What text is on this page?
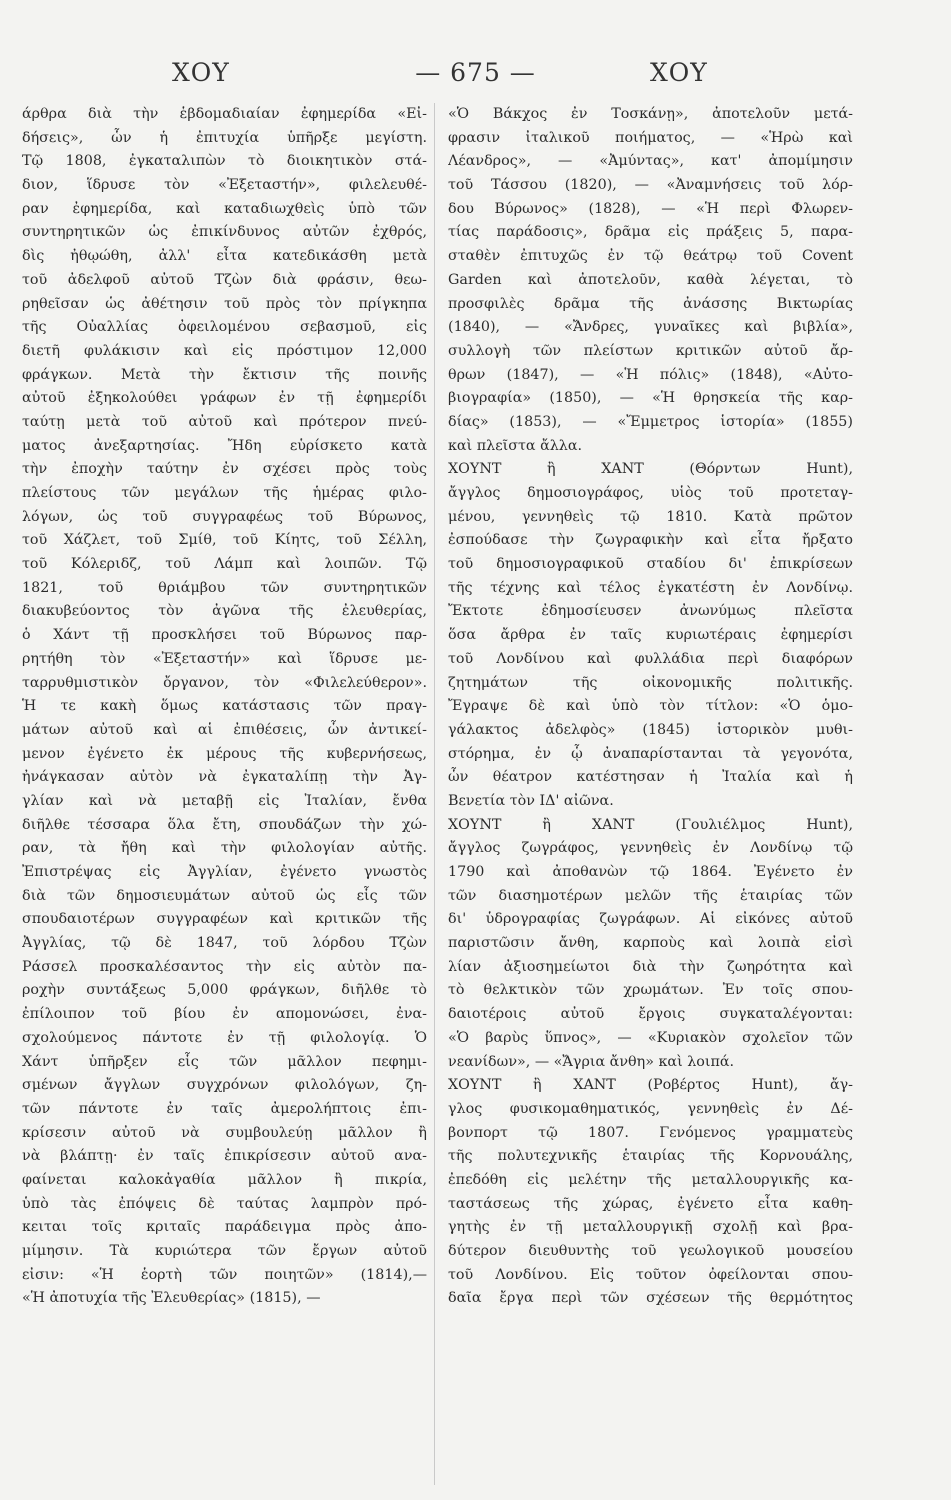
— 675 —
ΧΟΥ	ΧΟΥ
άρθρα διὰ τὴν ἑβδομαδιαίαν ἐφημερίδα «Εἰ-
δήσεις», ὧν ἡ ἐπιτυχία ὑπῆρξε μεγίστη.
Τῷ 1808, ἐγκαταλιπὼν τὸ διοικητικὸν στά-
διον, ἵδρυσε τὸν «Ἐξεταστήν», φιλελευθέ-
ραν ἐφημερίδα, καὶ καταδιωχθεὶς ὑπὸ τῶν
συντηρητικῶν ὡς ἐπικίνδυνος αὐτῶν ἐχθρός,
δὶς ἠθῳώθη, ἀλλ' εἶτα κατεδικάσθη μετὰ
τοῦ ἀδελφοῦ αὐτοῦ Τζὼν διὰ φράσιν, θεω-
ρηθεῖσαν ὡς ἀθέτησιν τοῦ πρὸς τὸν πρίγκηπα
τῆς Οὐαλλίας ὀφειλομένου σεβασμοῦ, εἰς
διετῆ φυλάκισιν καὶ εἰς πρόστιμον 12,000
φράγκων. Μετὰ τὴν ἔκτισιν τῆς ποινῆς
αὐτοῦ ἐξηκολούθει γράφων ἐν τῇ ἐφημερίδι
ταύτῃ μετὰ τοῦ αὐτοῦ καὶ πρότερον πνεύ-
ματος ἀνεξαρτησίας. Ἤδη εὑρίσκετο κατὰ
τὴν ἐποχὴν ταύτην ἐν σχέσει πρὸς τοὺς
πλείστους τῶν μεγάλων τῆς ἡμέρας φιλο-
λόγων, ὡς τοῦ συγγραφέως τοῦ Βύρωνος,
τοῦ Χάζλετ, τοῦ Σμίθ, τοῦ Κίητς, τοῦ Σέλλη,
τοῦ Κόλεριδζ, τοῦ Λάμπ καὶ λοιπῶν. Τῷ
1821, τοῦ θριάμβου τῶν συντηρητικῶν
διακυβεύοντος τὸν ἀγῶνα τῆς ἐλευθερίας,
ὁ Χάντ τῇ προσκλήσει τοῦ Βύρωνος παρ-
ρητήθη τὸν «Ἐξεταστήν» καὶ ἵδρυσε με-
ταρρυθμιστικὸν ὄργανον, τὸν «Φιλελεύθερον».
Ἡ τε κακὴ ὅμως κατάστασις τῶν πραγ-
μάτων αὐτοῦ καὶ αἱ ἐπιθέσεις, ὧν ἀντικεί-
μενον ἐγένετο ἐκ μέρους τῆς κυβερνήσεως,
ἠνάγκασαν αὐτὸν νὰ ἐγκαταλίπῃ τὴν Ἀγ-
γλίαν καὶ νὰ μεταβῇ εἰς Ἰταλίαν, ἔνθα
διῆλθε τέσσαρα ὅλα ἔτη, σπουδάζων τὴν χώ-
ραν, τὰ ἤθη καὶ τὴν φιλολογίαν αὐτῆς.
Ἐπιστρέψας εἰς Ἀγγλίαν, ἐγένετο γνωστὸς
διὰ τῶν δημοσιευμάτων αὐτοῦ ὡς εἷς τῶν
σπουδαιοτέρων συγγραφέων καὶ κριτικῶν τῆς
Ἀγγλίας, τῷ δὲ 1847, τοῦ λόρδου Τζὼν
Ράσσελ προσκαλέσαντος τὴν εἰς αὐτὸν πα-
ροχὴν συντάξεως 5,000 φράγκων, διῆλθε τὸ
ἐπίλοιπον τοῦ βίου ἐν απομονώσει, ἐνα-
σχολούμενος πάντοτε ἐν τῇ φιλολογίᾳ. Ὁ
Χάντ ὑπῆρξεν εἷς τῶν μᾶλλον πεφημι-
σμένων ἄγγλων συγχρόνων φιλολόγων, ζη-
τῶν πάντοτε ἐν ταῖς ἀμερολήπτοις ἐπι-
κρίσεσιν αὐτοῦ νὰ συμβουλεύῃ μᾶλλον ἢ
νὰ βλάπτῃ· ἐν ταῖς ἐπικρίσεσιν αὐτοῦ ανα-
φαίνεται καλοκἀγαθία μᾶλλον ἢ πικρία,
ὑπὸ τὰς ἐπόψεις δὲ ταύτας λαμπρὸν πρό-
κειται τοῖς κριταῖς παράδειγμα πρὸς ἀπο-
μίμησιν. Τὰ κυριώτερα τῶν ἔργων αὐτοῦ
εἰσιν: «Ἡ ἑορτὴ τῶν ποιητῶν» (1814),—
«Ἡ ἀποτυχία τῆς Ἐλευθερίας» (1815), —
«Ὁ Βάκχος ἐν Τοσκάνῃ», ἀποτελοῦν μετά-
φρασιν ἰταλικοῦ ποιήματος, — «Ἡρὼ καὶ
Λέανδρος», — «Ἀμύντας», κατ' ἀπομίμησιν
τοῦ Τάσσου (1820), — «Ἀναμνήσεις τοῦ λόρ-
δου Βύρωνος» (1828), — «Ἡ περὶ Φλωρεν-
τίας παράδοσις», δρᾶμα εἰς πράξεις 5, παρα-
σταθὲν ἐπιτυχῶς ἐν τῷ θεάτρῳ τοῦ Covent
Garden καὶ ἀποτελοῦν, καθὰ λέγεται, τὸ
προσφιλὲς δρᾶμα τῆς ἀνάσσης Βικτωρίας
(1840), — «Ἄνδρες, γυναῖκες καὶ βιβλία»,
συλλογὴ τῶν πλείστων κριτικῶν αὐτοῦ ἄρ-
θρων (1847), — «Ἡ πόλις» (1848), «Αὐτο-
βιογραφία» (1850), — «Ἡ θρησκεία τῆς καρ-
δίας» (1853), — «Ἔμμετρος ἱστορία» (1855)
καὶ πλεῖστα ἄλλα.
ΧΟΥΝΤ ἢ ΧΑΝΤ (Θόρντων Hunt),
ἄγγλος δημοσιογράφος, υἱὸς τοῦ προτεταγ-
μένου, γεννηθεὶς τῷ 1810. Κατὰ πρῶτον
ἐσπούδασε τὴν ζωγραφικὴν καὶ εἶτα ἤρξατο
τοῦ δημοσιογραφικοῦ σταδίου δι' ἐπικρίσεων
τῆς τέχνης καὶ τέλος ἐγκατέστη ἐν Λονδίνῳ.
Ἔκτοτε ἐδημοσίευσεν ἀνωνύμως πλεῖστα
ὅσα ἄρθρα ἐν ταῖς κυριωτέραις ἐφημερίσι
τοῦ Λονδίνου καὶ φυλλάδια περὶ διαφόρων
ζητημάτων τῆς οἰκονομικῆς πολιτικῆς.
Ἔγραψε δὲ καὶ ὑπὸ τὸν τίτλον: «Ὁ ὁμο-
γάλακτος ἀδελφὸς» (1845) ἱστορικὸν μυθι-
στόρημα, ἐν ᾧ ἀναπαρίστανται τὰ γεγονότα,
ὧν θέατρον κατέστησαν ἡ Ἰταλία καὶ ἡ
Βενετία τὸν ΙΔ' αἰῶνα.
ΧΟΥΝΤ ἢ ΧΑΝΤ (Γουλιέλμος Hunt),
ἄγγλος ζωγράφος, γεννηθεὶς ἐν Λονδίνῳ τῷ
1790 καὶ ἀποθανὼν τῷ 1864. Ἐγένετο ἐν
τῶν διασημοτέρων μελῶν τῆς ἑταιρίας τῶν
δι' ὑδρογραφίας ζωγράφων. Αἱ εἰκόνες αὐτοῦ
παριστῶσιν ἄνθη, καρποὺς καὶ λοιπὰ εἰσὶ
λίαν ἀξιοσημείωτοι διὰ τὴν ζωηρότητα καὶ
τὸ θελκτικὸν τῶν χρωμάτων. Ἐν τοῖς σπου-
δαιοτέροις αὐτοῦ ἔργοις συγκαταλέγονται:
«Ὁ βαρὺς ὕπνος», — «Κυριακὸν σχολεῖον τῶν
νεανίδων», — «Ἄγρια ἄνθη» καὶ λοιπά.
ΧΟΥΝΤ ἢ ΧΑΝΤ (Ροβέρτος Hunt), ἄγ-
γλος φυσικομαθηματικός, γεννηθεὶς ἐν Δέ-
βονπορτ τῷ 1807. Γενόμενος γραμματεὺς
τῆς πολυτεχνικῆς ἑταιρίας τῆς Κορνουάλης,
ἐπεδόθη εἰς μελέτην τῆς μεταλλουργικῆς κα-
ταστάσεως τῆς χώρας, ἐγένετο εἶτα καθη-
γητὴς ἐν τῇ μεταλλουργικῇ σχολῇ καὶ βρα-
δύτερον διευθυντὴς τοῦ γεωλογικοῦ μουσείου
τοῦ Λονδίνου. Εἰς τοῦτον ὀφείλονται σπου-
δαῖα ἔργα περὶ τῶν σχέσεων τῆς θερμότητος
